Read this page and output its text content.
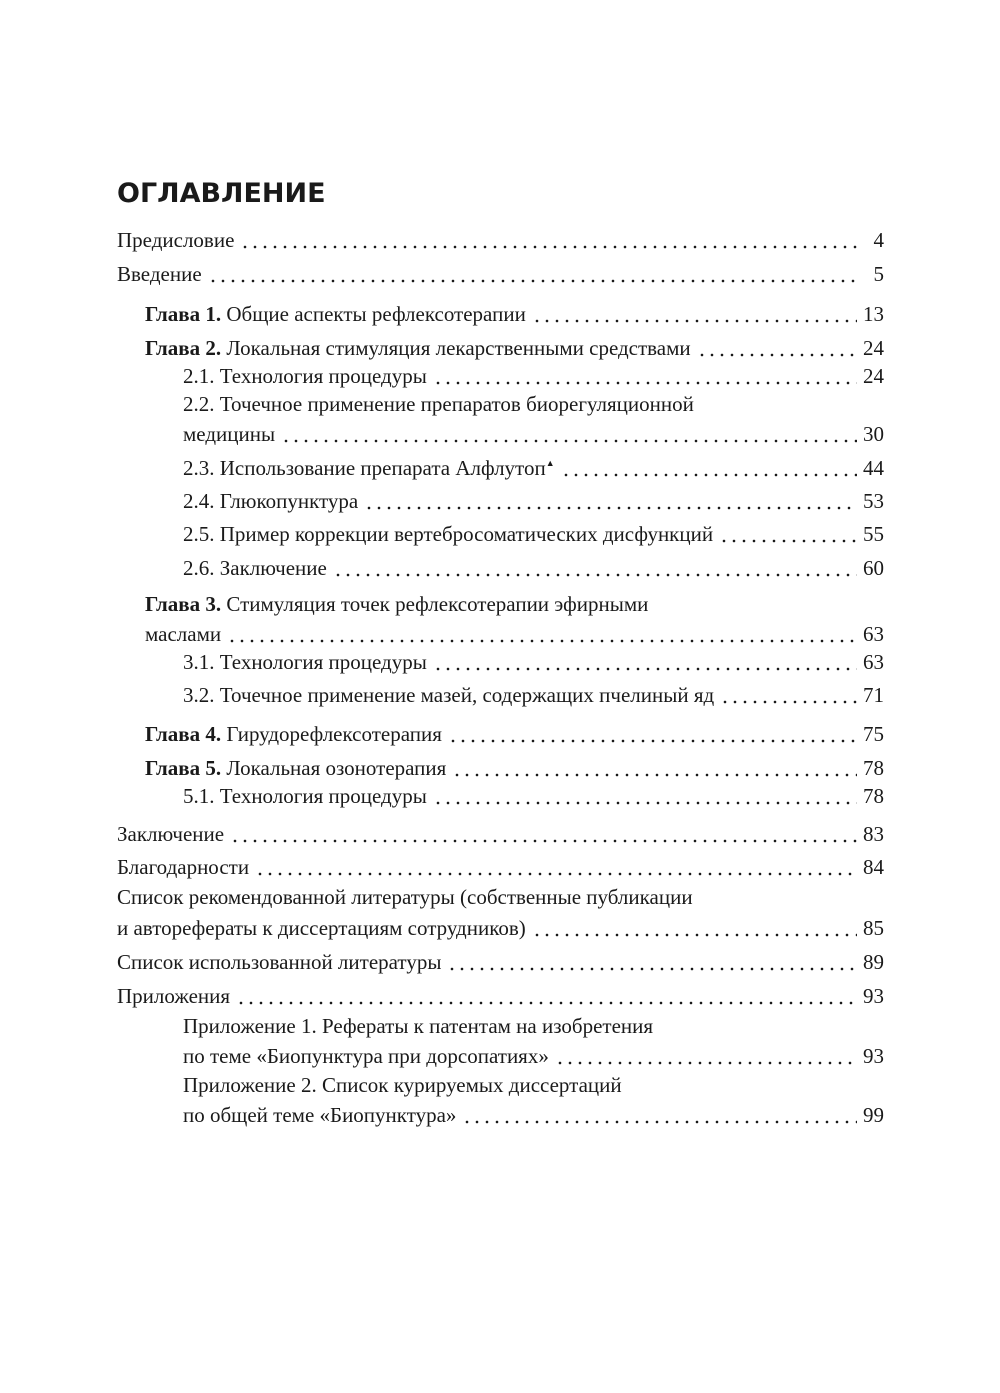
ОГЛАВЛЕНИЕ
Предисловие	4
Введение	5
Глава 1. Общие аспекты рефлексотерапии	13
Глава 2. Локальная стимуляция лекарственными средствами	24
2.1. Технология процедуры	24
2.2. Точечное применение препаратов биорегуляционной
медицины	30
2.3. Использование препарата Алфлутоп▲	44
2.4. Глюкопунктура	53
2.5. Пример коррекции вертебросоматических дисфункций	55
2.6. Заключение	60
Глава 3. Стимуляция точек рефлексотерапии эфирными
маслами	63
3.1. Технология процедуры	63
3.2. Точечное применение мазей, содержащих пчелиный яд	71
Глава 4. Гирудорефлексотерапия	75
Глава 5. Локальная озонотерапия	78
5.1. Технология процедуры	78
Заключение	83
Благодарности	84
Список рекомендованной литературы (собственные публикации
и авторефераты к диссертациям сотрудников)	85
Список использованной литературы	89
Приложения	93
Приложение 1. Рефераты к патентам на изобретения
по теме «Биопунктура при дорсопатиях»	93
Приложение 2. Список курируемых диссертаций
по общей теме «Биопунктура»	99
